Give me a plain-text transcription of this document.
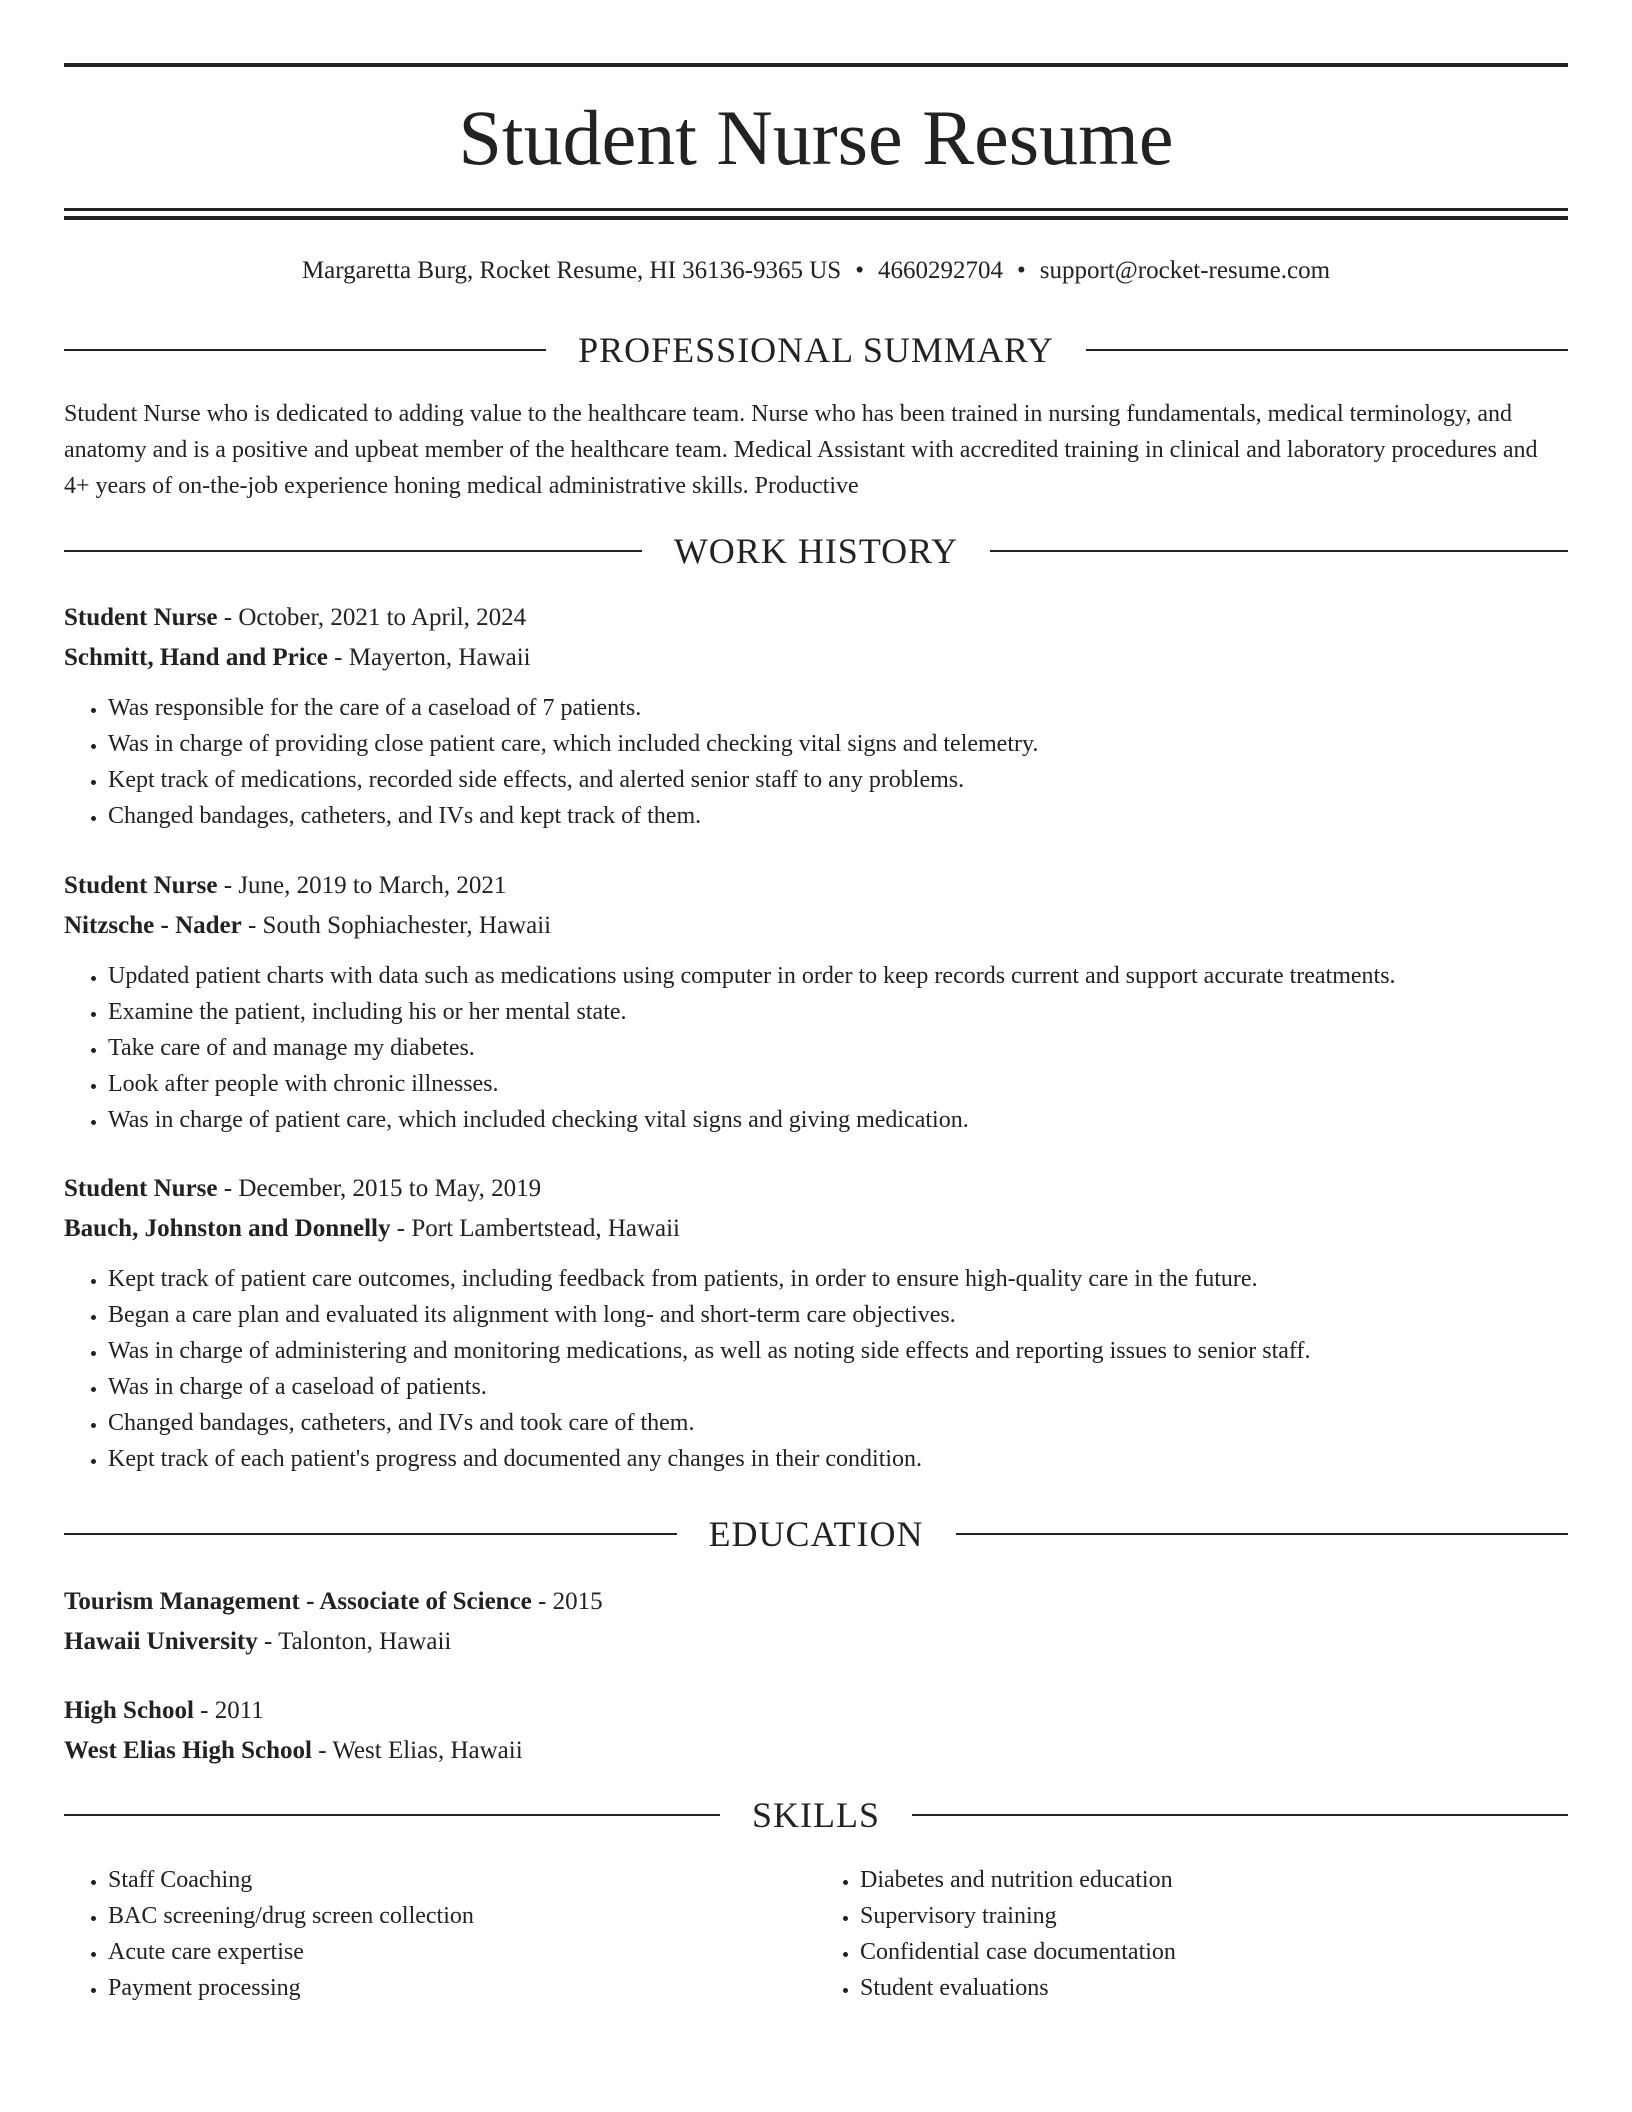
Student Nurse Resume
Margaretta Burg, Rocket Resume, HI 36136-9365 US • 4660292704 • support@rocket-resume.com
PROFESSIONAL SUMMARY
Student Nurse who is dedicated to adding value to the healthcare team. Nurse who has been trained in nursing fundamentals, medical terminology, and anatomy and is a positive and upbeat member of the healthcare team. Medical Assistant with accredited training in clinical and laboratory procedures and 4+ years of on-the-job experience honing medical administrative skills. Productive
WORK HISTORY
Student Nurse - October, 2021 to April, 2024
Schmitt, Hand and Price - Mayerton, Hawaii
• Was responsible for the care of a caseload of 7 patients.
• Was in charge of providing close patient care, which included checking vital signs and telemetry.
• Kept track of medications, recorded side effects, and alerted senior staff to any problems.
• Changed bandages, catheters, and IVs and kept track of them.
Student Nurse - June, 2019 to March, 2021
Nitzsche - Nader - South Sophiachester, Hawaii
• Updated patient charts with data such as medications using computer in order to keep records current and support accurate treatments.
• Examine the patient, including his or her mental state.
• Take care of and manage my diabetes.
• Look after people with chronic illnesses.
• Was in charge of patient care, which included checking vital signs and giving medication.
Student Nurse - December, 2015 to May, 2019
Bauch, Johnston and Donnelly - Port Lambertstead, Hawaii
• Kept track of patient care outcomes, including feedback from patients, in order to ensure high-quality care in the future.
• Began a care plan and evaluated its alignment with long- and short-term care objectives.
• Was in charge of administering and monitoring medications, as well as noting side effects and reporting issues to senior staff.
• Was in charge of a caseload of patients.
• Changed bandages, catheters, and IVs and took care of them.
• Kept track of each patient's progress and documented any changes in their condition.
EDUCATION
Tourism Management - Associate of Science - 2015
Hawaii University - Talonton, Hawaii
High School - 2011
West Elias High School - West Elias, Hawaii
SKILLS
• Staff Coaching
• BAC screening/drug screen collection
• Acute care expertise
• Payment processing
• Diabetes and nutrition education
• Supervisory training
• Confidential case documentation
• Student evaluations
